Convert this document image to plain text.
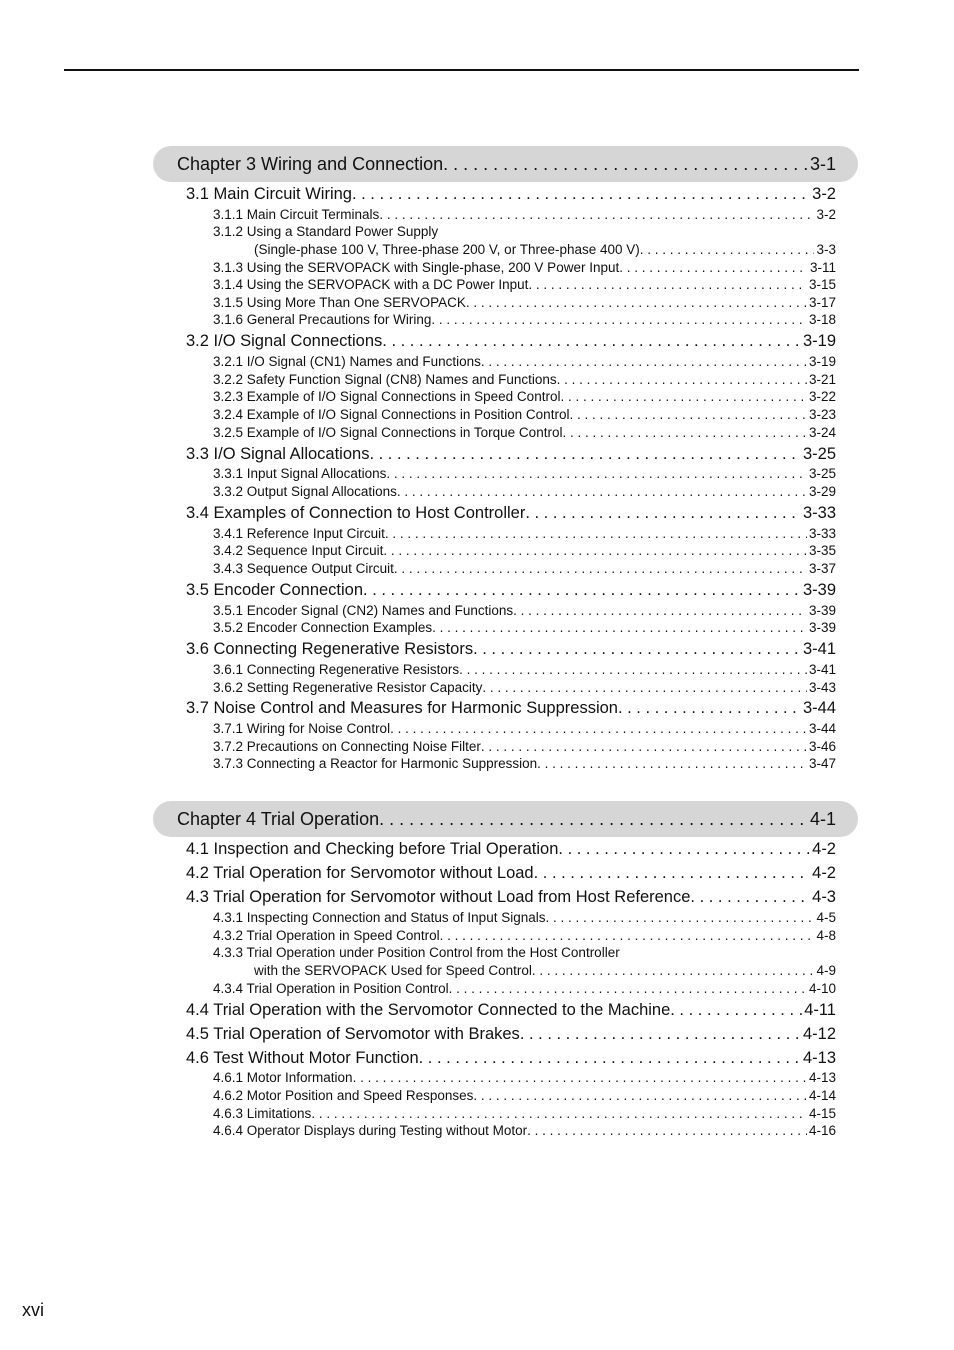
Chapter 3 Wiring and Connection . . .	3-1
3.1 Main Circuit Wiring . . .	3-2
3.1.1 Main Circuit Terminals . . .	3-2
3.1.2 Using a Standard Power Supply
(Single-phase 100 V, Three-phase 200 V, or Three-phase 400 V) . . .	3-3
3.1.3 Using the SERVOPACK with Single-phase, 200 V Power Input . . .	3-11
3.1.4 Using the SERVOPACK with a DC Power Input . . .	3-15
3.1.5 Using More Than One SERVOPACK . . .	3-17
3.1.6 General Precautions for Wiring . . .	3-18
3.2 I/O Signal Connections . . .	3-19
3.2.1 I/O Signal (CN1) Names and Functions . . .	3-19
3.2.2 Safety Function Signal (CN8) Names and Functions . . .	3-21
3.2.3 Example of I/O Signal Connections in Speed Control . . .	3-22
3.2.4 Example of I/O Signal Connections in Position Control . . .	3-23
3.2.5 Example of I/O Signal Connections in Torque Control . . .	3-24
3.3 I/O Signal Allocations . . .	3-25
3.3.1 Input Signal Allocations . . .	3-25
3.3.2 Output Signal Allocations . . .	3-29
3.4 Examples of Connection to Host Controller . . .	3-33
3.4.1 Reference Input Circuit . . .	3-33
3.4.2 Sequence Input Circuit . . .	3-35
3.4.3 Sequence Output Circuit . . .	3-37
3.5 Encoder Connection . . .	3-39
3.5.1 Encoder Signal (CN2) Names and Functions . . .	3-39
3.5.2 Encoder Connection Examples . . .	3-39
3.6 Connecting Regenerative Resistors . . .	3-41
3.6.1 Connecting Regenerative Resistors . . .	3-41
3.6.2 Setting Regenerative Resistor Capacity . . .	3-43
3.7 Noise Control and Measures for Harmonic Suppression . . .	3-44
3.7.1 Wiring for Noise Control . . .	3-44
3.7.2 Precautions on Connecting Noise Filter . . .	3-46
3.7.3 Connecting a Reactor for Harmonic Suppression . . .	3-47
Chapter 4 Trial Operation . . .	4-1
4.1 Inspection and Checking before Trial Operation . . .	4-2
4.2 Trial Operation for Servomotor without Load . . .	4-2
4.3 Trial Operation for Servomotor without Load from Host Reference . . .	4-3
4.3.1 Inspecting Connection and Status of Input Signals . . .	4-5
4.3.2 Trial Operation in Speed Control . . .	4-8
4.3.3 Trial Operation under Position Control from the Host Controller
with the SERVOPACK Used for Speed Control . . .	4-9
4.3.4 Trial Operation in Position Control . . .	4-10
4.4 Trial Operation with the Servomotor Connected to the Machine . . .	4-11
4.5 Trial Operation of Servomotor with Brakes . . .	4-12
4.6 Test Without Motor Function . . .	4-13
4.6.1 Motor Information . . .	4-13
4.6.2 Motor Position and Speed Responses . . .	4-14
4.6.3 Limitations . . .	4-15
4.6.4 Operator Displays during Testing without Motor . . .	4-16
xvi
